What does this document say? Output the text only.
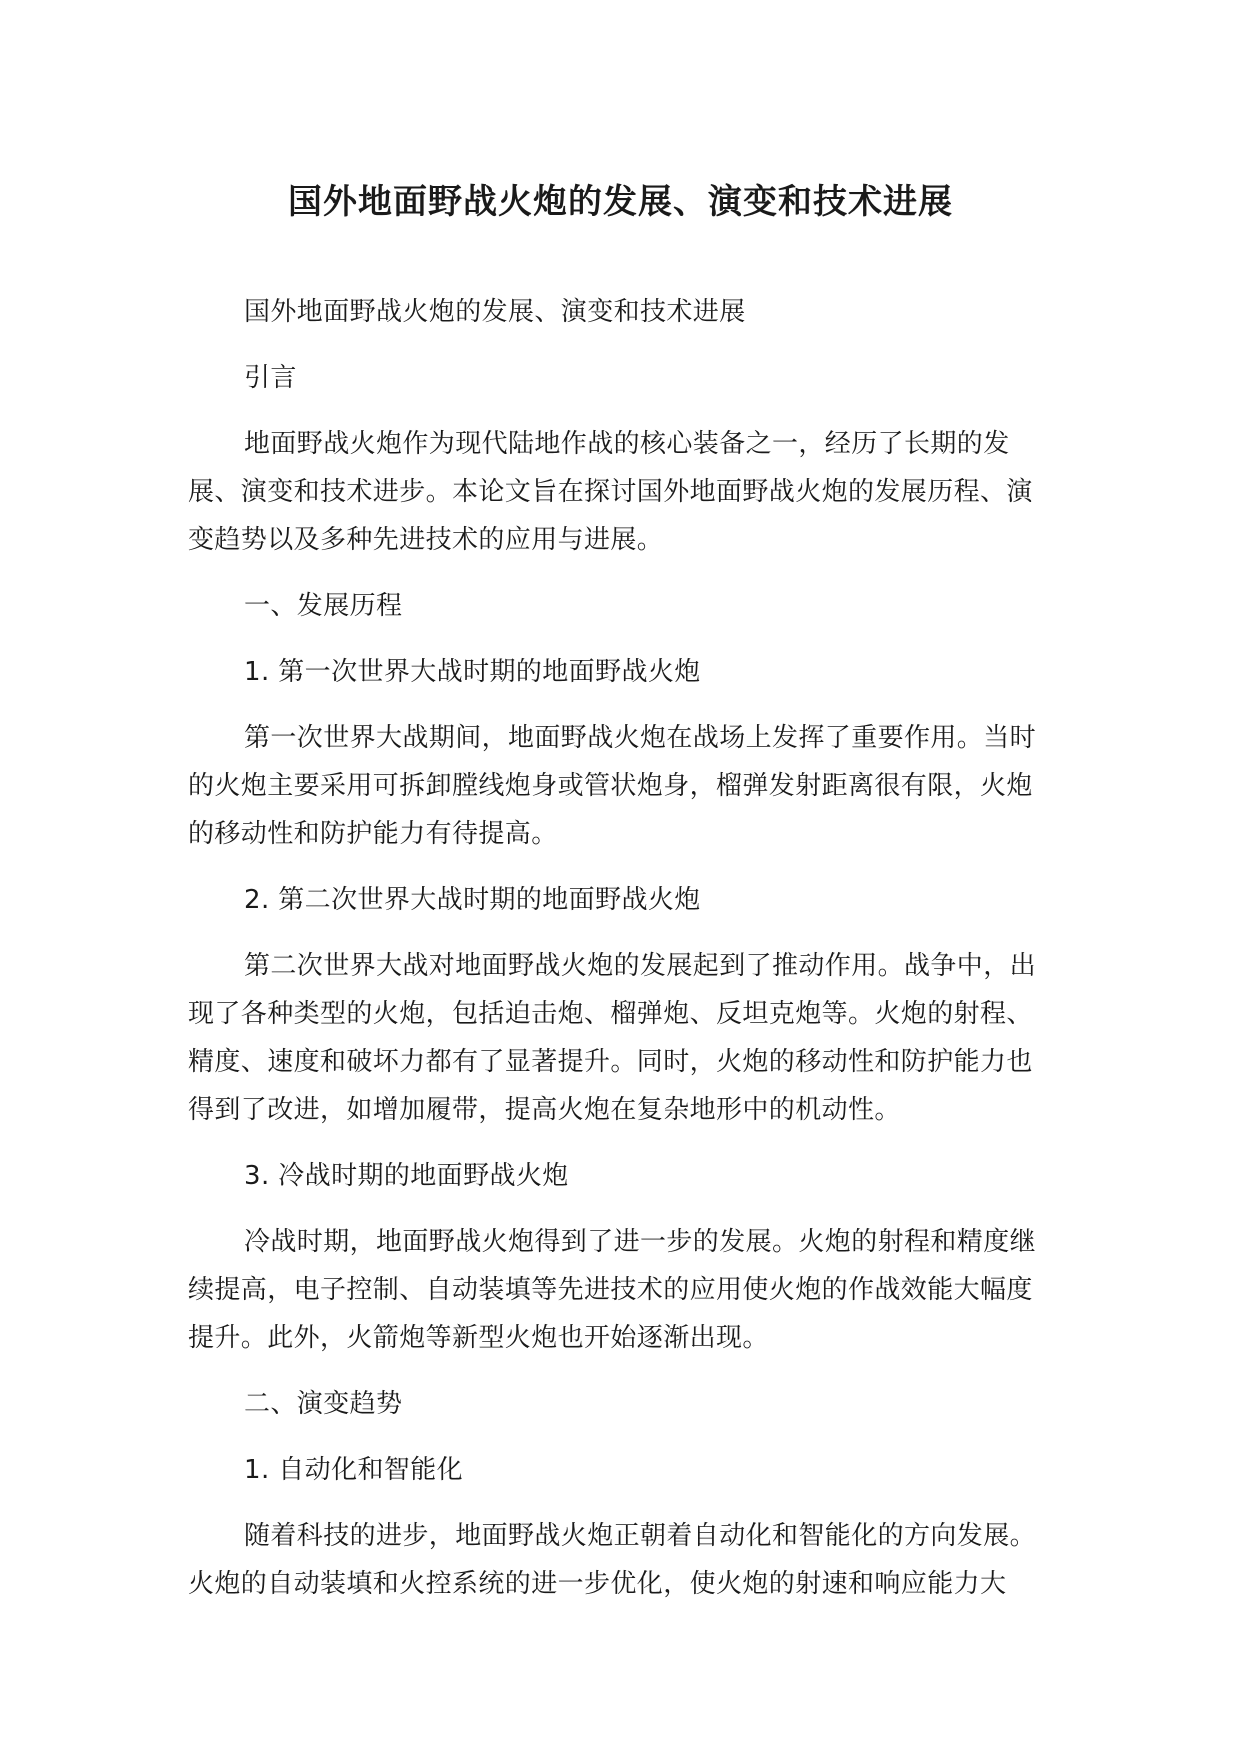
国外地面野战火炮的发展、演变和技术进展

国外地面野战火炮的发展、演变和技术进展

引言

地面野战火炮作为现代陆地作战的核心装备之一，经历了长期的发展、演变和技术进步。本论文旨在探讨国外地面野战火炮的发展历程、演变趋势以及多种先进技术的应用与进展。

一、发展历程

1. 第一次世界大战时期的地面野战火炮

第一次世界大战期间，地面野战火炮在战场上发挥了重要作用。当时的火炮主要采用可拆卸膛线炮身或管状炮身，榴弹发射距离很有限，火炮的移动性和防护能力有待提高。

2. 第二次世界大战时期的地面野战火炮

第二次世界大战对地面野战火炮的发展起到了推动作用。战争中，出现了各种类型的火炮，包括迫击炮、榴弹炮、反坦克炮等。火炮的射程、精度、速度和破坏力都有了显著提升。同时，火炮的移动性和防护能力也得到了改进，如增加履带，提高火炮在复杂地形中的机动性。

3. 冷战时期的地面野战火炮

冷战时期，地面野战火炮得到了进一步的发展。火炮的射程和精度继续提高，电子控制、自动装填等先进技术的应用使火炮的作战效能大幅度提升。此外，火箭炮等新型火炮也开始逐渐出现。

二、演变趋势

1. 自动化和智能化

随着科技的进步，地面野战火炮正朝着自动化和智能化的方向发展。火炮的自动装填和火控系统的进一步优化，使火炮的射速和响应能力大
